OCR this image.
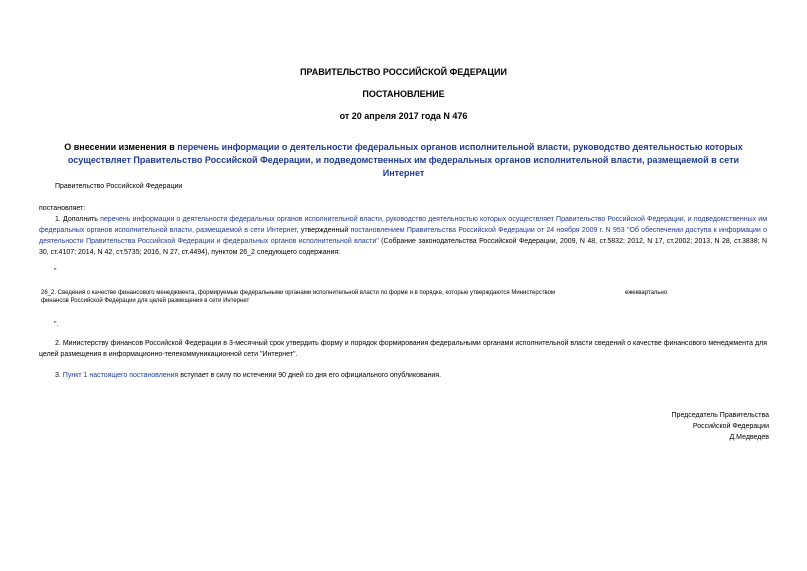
ПРАВИТЕЛЬСТВО РОССИЙСКОЙ ФЕДЕРАЦИИ
ПОСТАНОВЛЕНИЕ
от 20 апреля 2017 года N 476
О внесении изменения в перечень информации о деятельности федеральных органов исполнительной власти, руководство деятельностью которых осуществляет Правительство Российской Федерации, и подведомственных им федеральных органов исполнительной власти, размещаемой в сети Интернет
Правительство Российской Федерации
постановляет:
1. Дополнить перечень информации о деятельности федеральных органов исполнительной власти, руководство деятельностью которых осуществляет Правительство Российской Федерации, и подведомственных им федеральных органов исполнительной власти, размещаемой в сети Интернет, утвержденный постановлением Правительства Российской Федерации от 24 ноября 2009 г. N 953 "Об обеспечении доступа к информации о деятельности Правительства Российской Федерации и федеральных органов исполнительной власти" (Собрание законодательства Российской Федерации, 2009, N 48, ст.5832; 2012, N 17, ст.2002; 2013, N 28, ст.3838; N 30, ст.4107; 2014, N 42, ст.5735; 2016, N 27, ст.4494), пунктом 26_2 следующего содержания:
"
26_2. Сведения о качестве финансового менеджмента, формируемые федеральными органами исполнительной власти по форме и в порядке, которые утверждаются Министерством
финансов Российской Федерации для целей размещения в сети Интернет
ежеквартально
".
2. Министерству финансов Российской Федерации в 3-месячный срок утвердить форму и порядок формирования федеральными органами исполнительной власти сведений о качестве финансового менеджмента для целей размещения в информационно-телекоммуникационной сети "Интернет".
3. Пункт 1 настоящего постановления вступает в силу по истечении 90 дней со дня его официального опубликования.
Председатель Правительства
Российской Федерации
Д.Медведев
